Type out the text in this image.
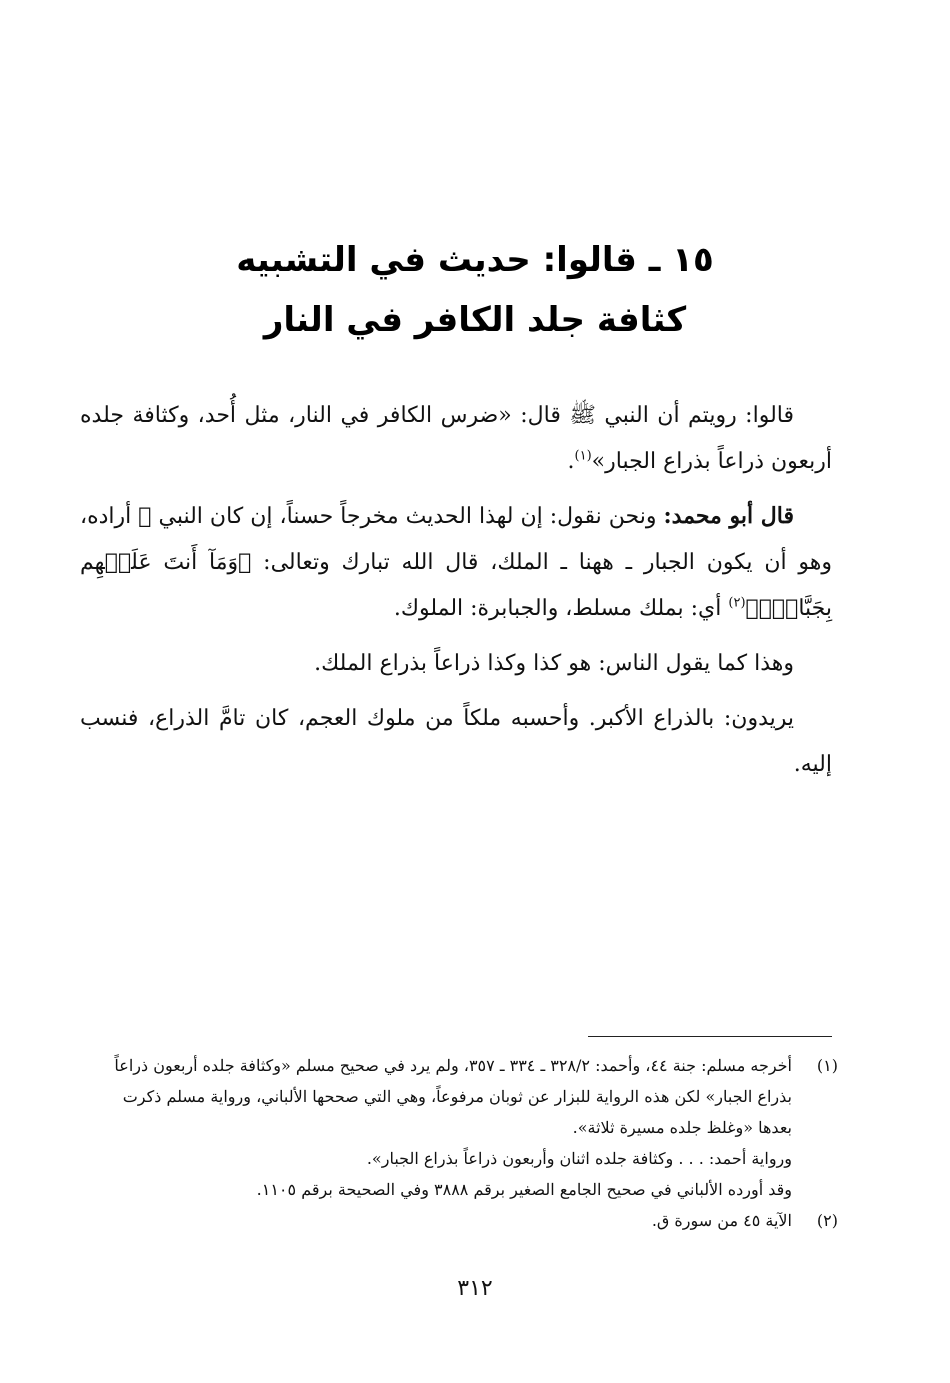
١٥ ـ قالوا: حديث في التشبيه
كثافة جلد الكافر في النار

قالوا: رويتم أن النبي ﷺ قال: «ضرس الكافر في النار، مثل أُحد، وكثافة جلده أربعون ذراعاً بذراع الجبار»$^{(١)}$.

قال أبو محمد: ونحن نقول: إن لهذا الحديث مخرجاً حسناً، إن كان النبي ﷺ أراده، وهو أن يكون الجبار ـ ههنا ـ الملك، قال الله تبارك وتعالى: ﴿وَمَآ أَنتَ عَلَيۡهِم بِجَبَّارٍۢ﴾$^{(٢)}$ أي: بملك مسلط، والجبابرة: الملوك.

وهذا كما يقول الناس: هو كذا وكذا ذراعاً بذراع الملك.

يريدون: بالذراع الأكبر. وأحسبه ملكاً من ملوك العجم، كان تامَّ الذراع، فنسب إليه.

(١)
أخرجه مسلم: جنة ٤٤، وأحمد: ٣٢٨/٢ ـ ٣٣٤ ـ ٣٥٧، ولم يرد في صحيح مسلم «وكثافة جلده أربعون ذراعاً بذراع الجبار» لكن هذه الرواية للبزار عن ثوبان مرفوعاً، وهي التي صححها الألباني، ورواية مسلم ذكرت بعدها «وغلظ جلده مسيرة ثلاثة».
ورواية أحمد: . . . وكثافة جلده اثنان وأربعون ذراعاً بذراع الجبار».
وقد أورده الألباني في صحيح الجامع الصغير برقم ٣٨٨٨ وفي الصحيحة برقم ١١٠٥.
(٢)
الآية ٤٥ من سورة ق.
٣١٢
